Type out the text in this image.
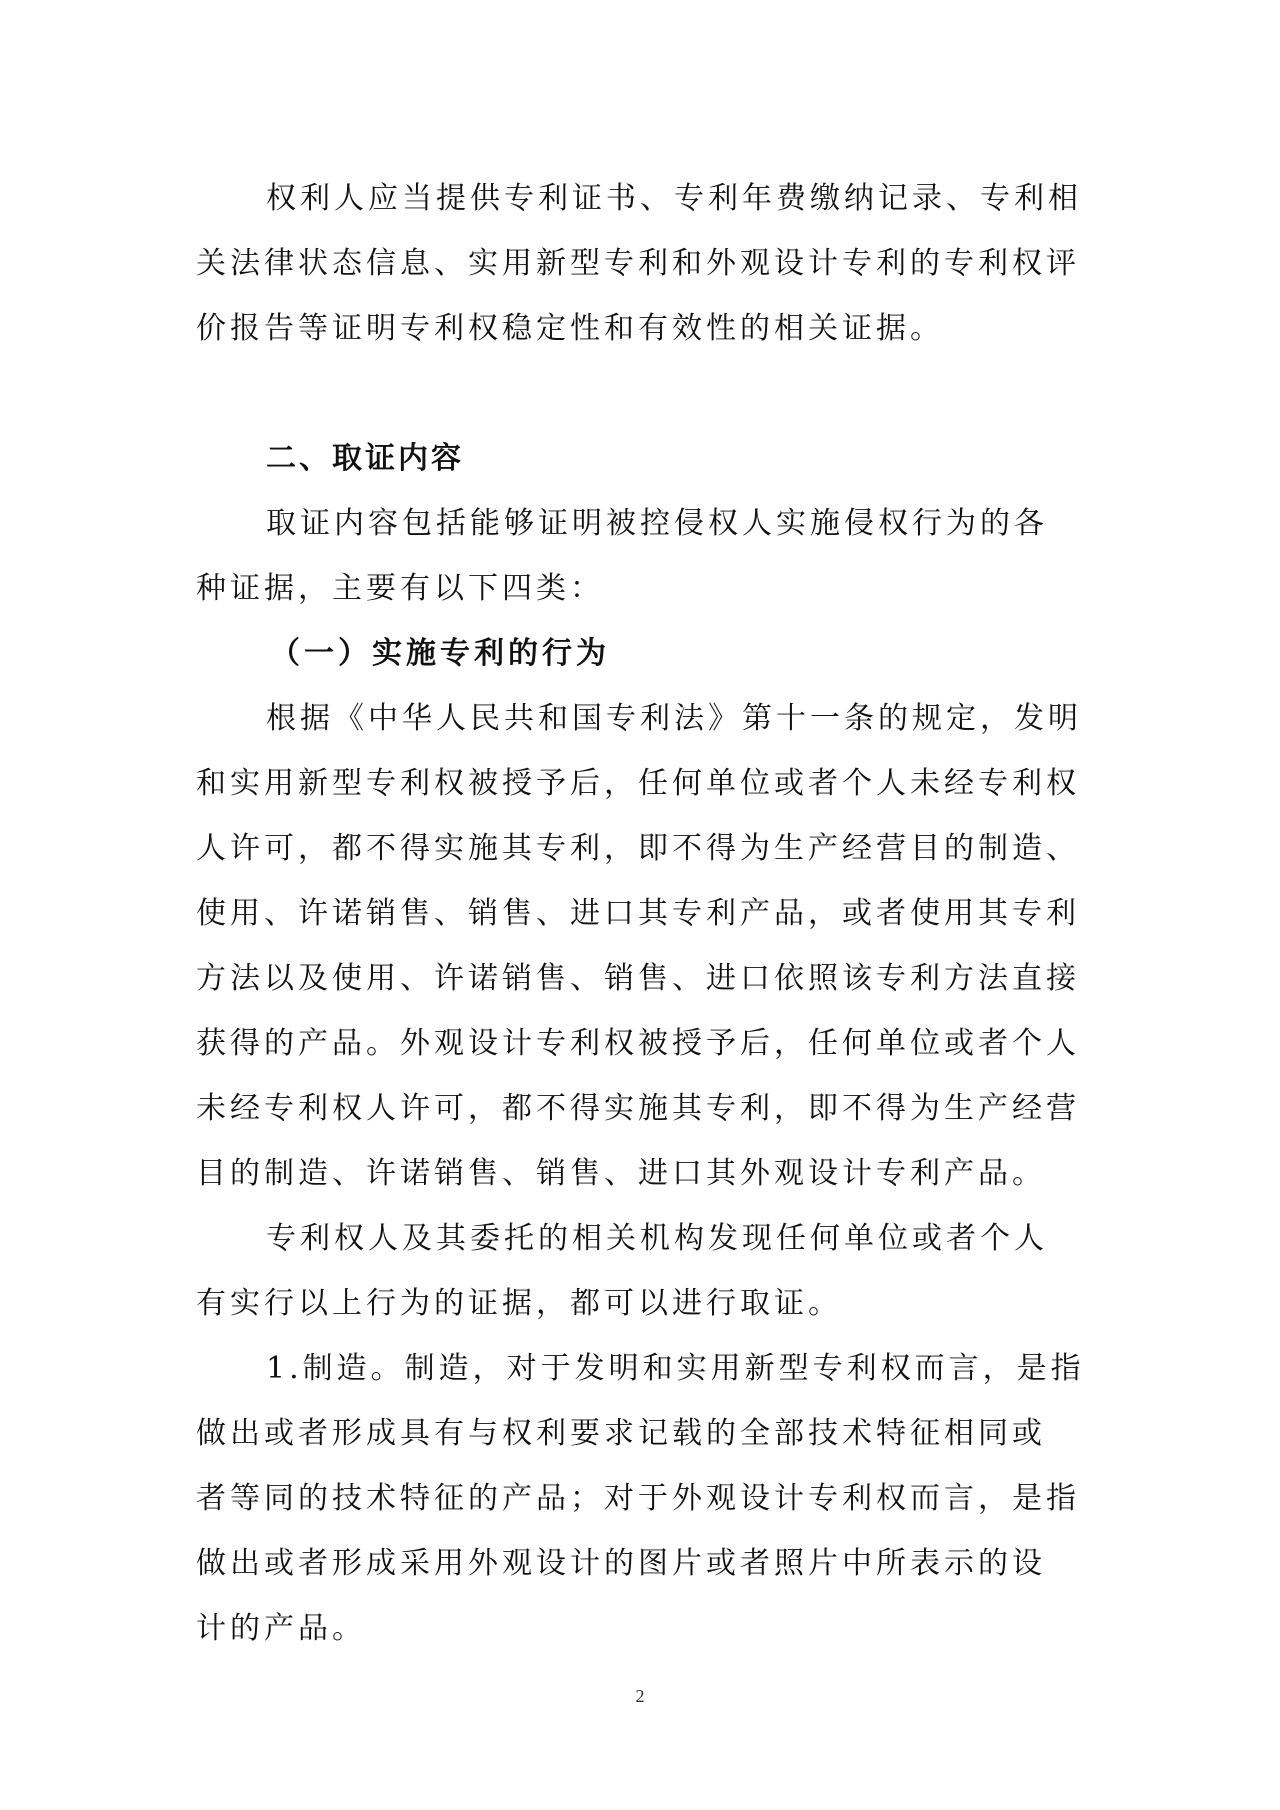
权利人应当提供专利证书、专利年费缴纳记录、专利相
关法律状态信息、实用新型专利和外观设计专利的专利权评
价报告等证明专利权稳定性和有效性的相关证据。
二、取证内容
取证内容包括能够证明被控侵权人实施侵权行为的各
种证据，主要有以下四类：
（一）实施专利的行为
根据《中华人民共和国专利法》第十一条的规定，发明
和实用新型专利权被授予后，任何单位或者个人未经专利权
人许可，都不得实施其专利，即不得为生产经营目的制造、
使用、许诺销售、销售、进口其专利产品，或者使用其专利
方法以及使用、许诺销售、销售、进口依照该专利方法直接
获得的产品。外观设计专利权被授予后，任何单位或者个人
未经专利权人许可，都不得实施其专利，即不得为生产经营
目的制造、许诺销售、销售、进口其外观设计专利产品。
专利权人及其委托的相关机构发现任何单位或者个人
有实行以上行为的证据，都可以进行取证。
1.制造。制造，对于发明和实用新型专利权而言，是指
做出或者形成具有与权利要求记载的全部技术特征相同或
者等同的技术特征的产品；对于外观设计专利权而言，是指
做出或者形成采用外观设计的图片或者照片中所表示的设
计的产品。
2
